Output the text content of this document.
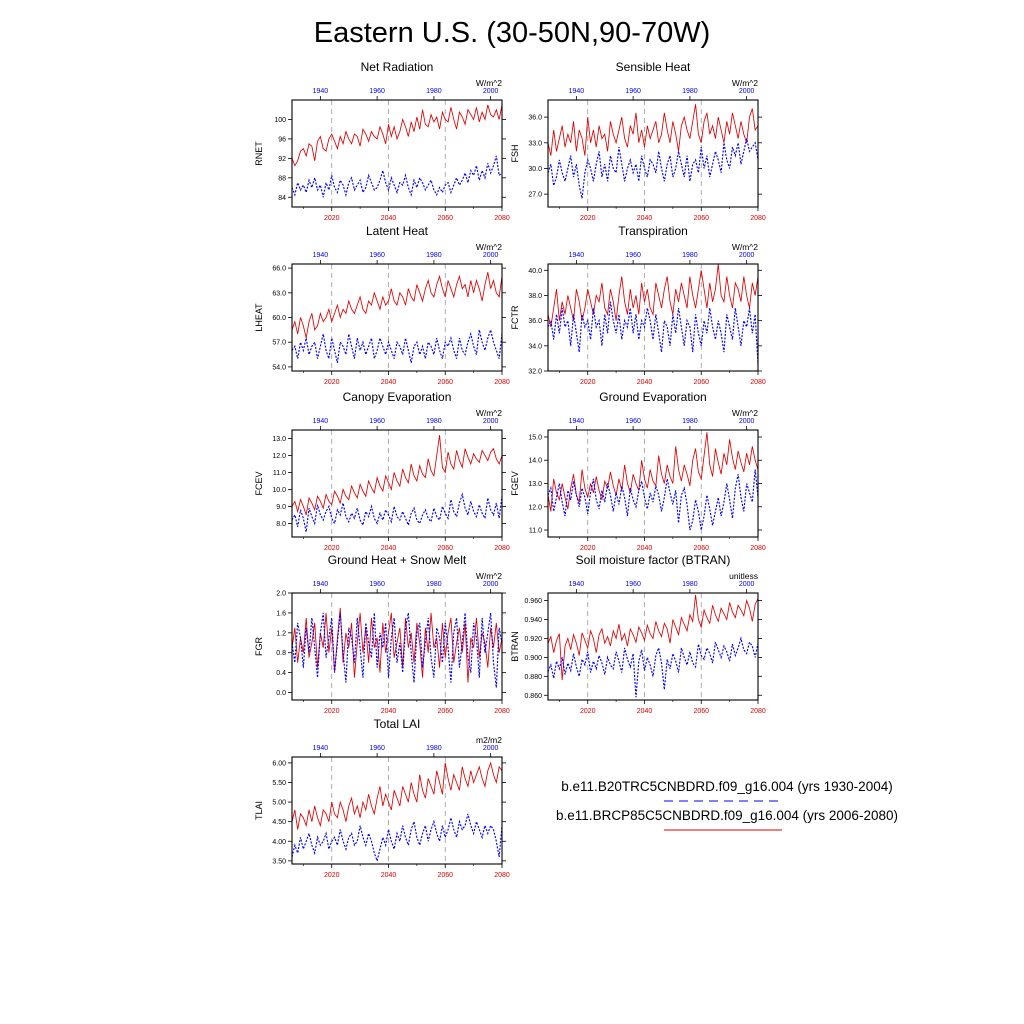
Eastern U.S. (30-50N,90-70W)
Net Radiation
W/m^2
RNET
84
88
92
96
100
2020	2040	2060	2080
1940	1960	1980	2000
Sensible Heat
W/m^2
FSH
27.0
30.0
33.0
36.0
2020	2040	2060	2080
1940	1960	1980	2000
Latent Heat
W/m^2
LHEAT
54.0
57.0
60.0
63.0
66.0
2020	2040	2060	2080
1940	1960	1980	2000
Transpiration
W/m^2
FCTR
32.0
34.0
36.0
38.0
40.0
2020	2040	2060	2080
1940	1960	1980	2000
Canopy Evaporation
W/m^2
FCEV
8.0
9.0
10.0
11.0
12.0
13.0
2020	2040	2060	2080
1940	1960	1980	2000
Ground Evaporation
W/m^2
FGEV
11.0
12.0
13.0
14.0
15.0
2020	2040	2060	2080
1940	1960	1980	2000
Ground Heat + Snow Melt
W/m^2
FGR
0.0
0.4
0.8
1.2
1.6
2.0
2020	2040	2060	2080
1940	1960	1980	2000
Soil moisture factor (BTRAN)
unitless
BTRAN
0.860
0.880
0.900
0.920
0.940
0.960
2020	2040	2060	2080
1940	1960	1980	2000
Total LAI
m2/m2
TLAI
3.50
4.00
4.50
5.00
5.50
6.00
2020	2040	2060	2080
1940	1960	1980	2000
b.e11.B20TRC5CNBDRD.f09_g16.004 (yrs 1930-2004)
b.e11.BRCP85C5CNBDRD.f09_g16.004 (yrs 2006-2080)
